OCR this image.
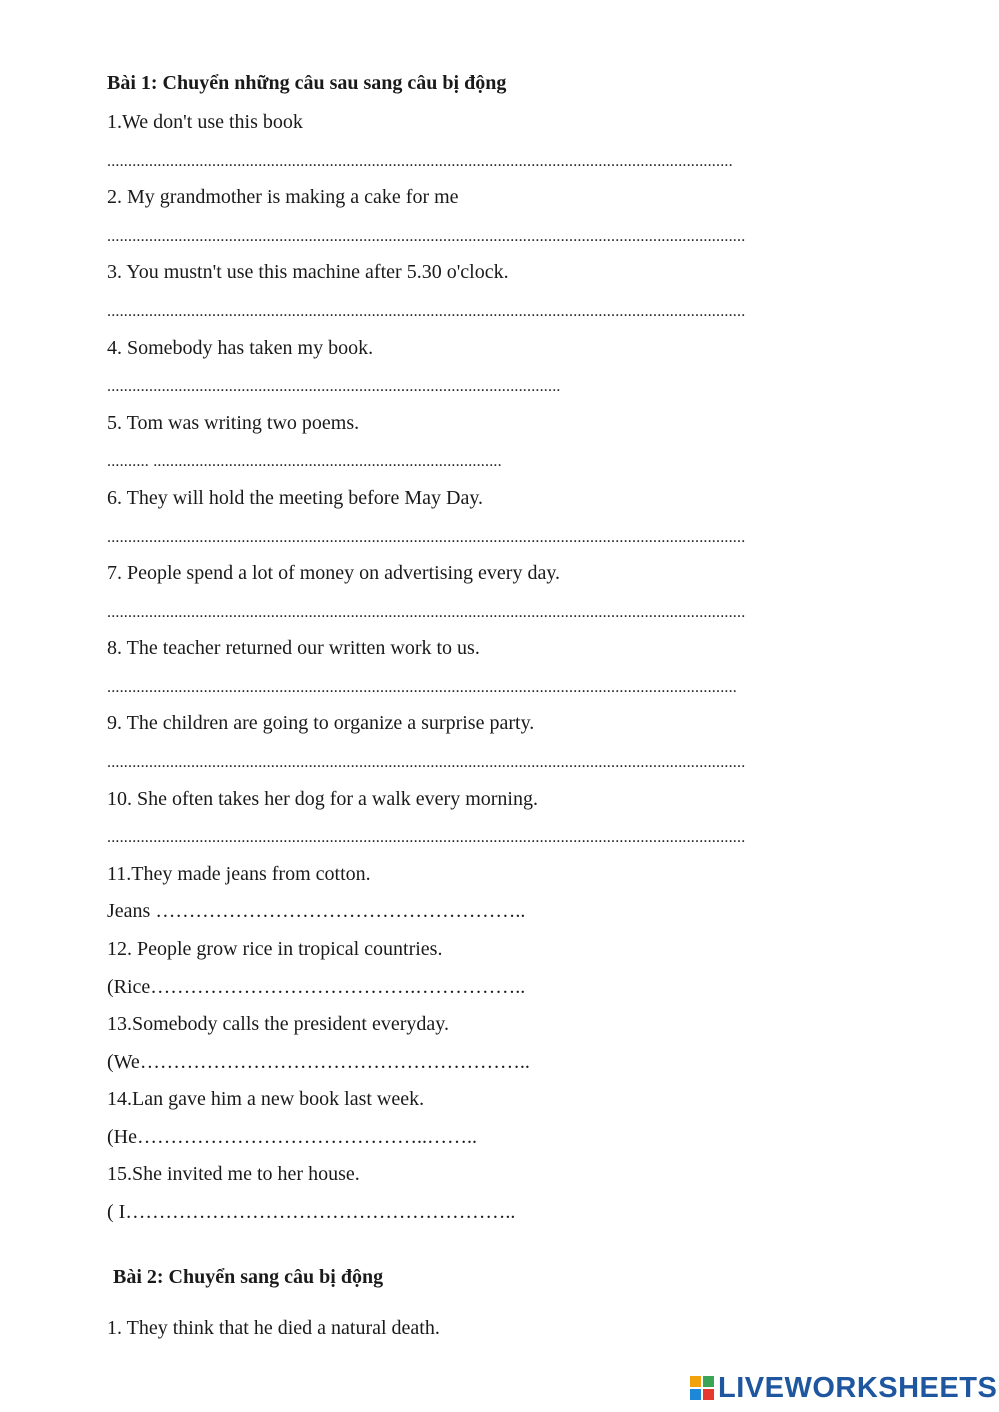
Bài 1: Chuyển những câu sau sang câu bị động
1.We don't use this book
.....................................................................................................................................................
2. My grandmother is making a cake for me
........................................................................................................................................................
3. You mustn't use this machine after 5.30 o'clock.
........................................................................................................................................................
4. Somebody has taken my book.
............................................................................................................
5. Tom was writing two poems.
.......... ...................................................................................
6. They will hold the meeting before May Day.
........................................................................................................................................................
7. People spend a lot of money on advertising every day.
........................................................................................................................................................
8. The teacher returned our written work to us.
......................................................................................................................................................
9. The children are going to organize a surprise party.
........................................................................................................................................................
10. She often takes her dog for a walk every morning.
........................................................................................................................................................
11.They made jeans from cotton.
Jeans ………………………………………………..
12. People grow rice in tropical countries.
(Rice………………………………….……………..
13.Somebody calls the president everyday.
(We…………………………………………………..
14.Lan gave him a new book last week.
(He……………………………………..……..
15.She invited me to her house.
( I…………………………………………………..
Bài 2: Chuyển sang câu bị động
1. They think that he died a natural death.
LIVEWORKSHEETS
